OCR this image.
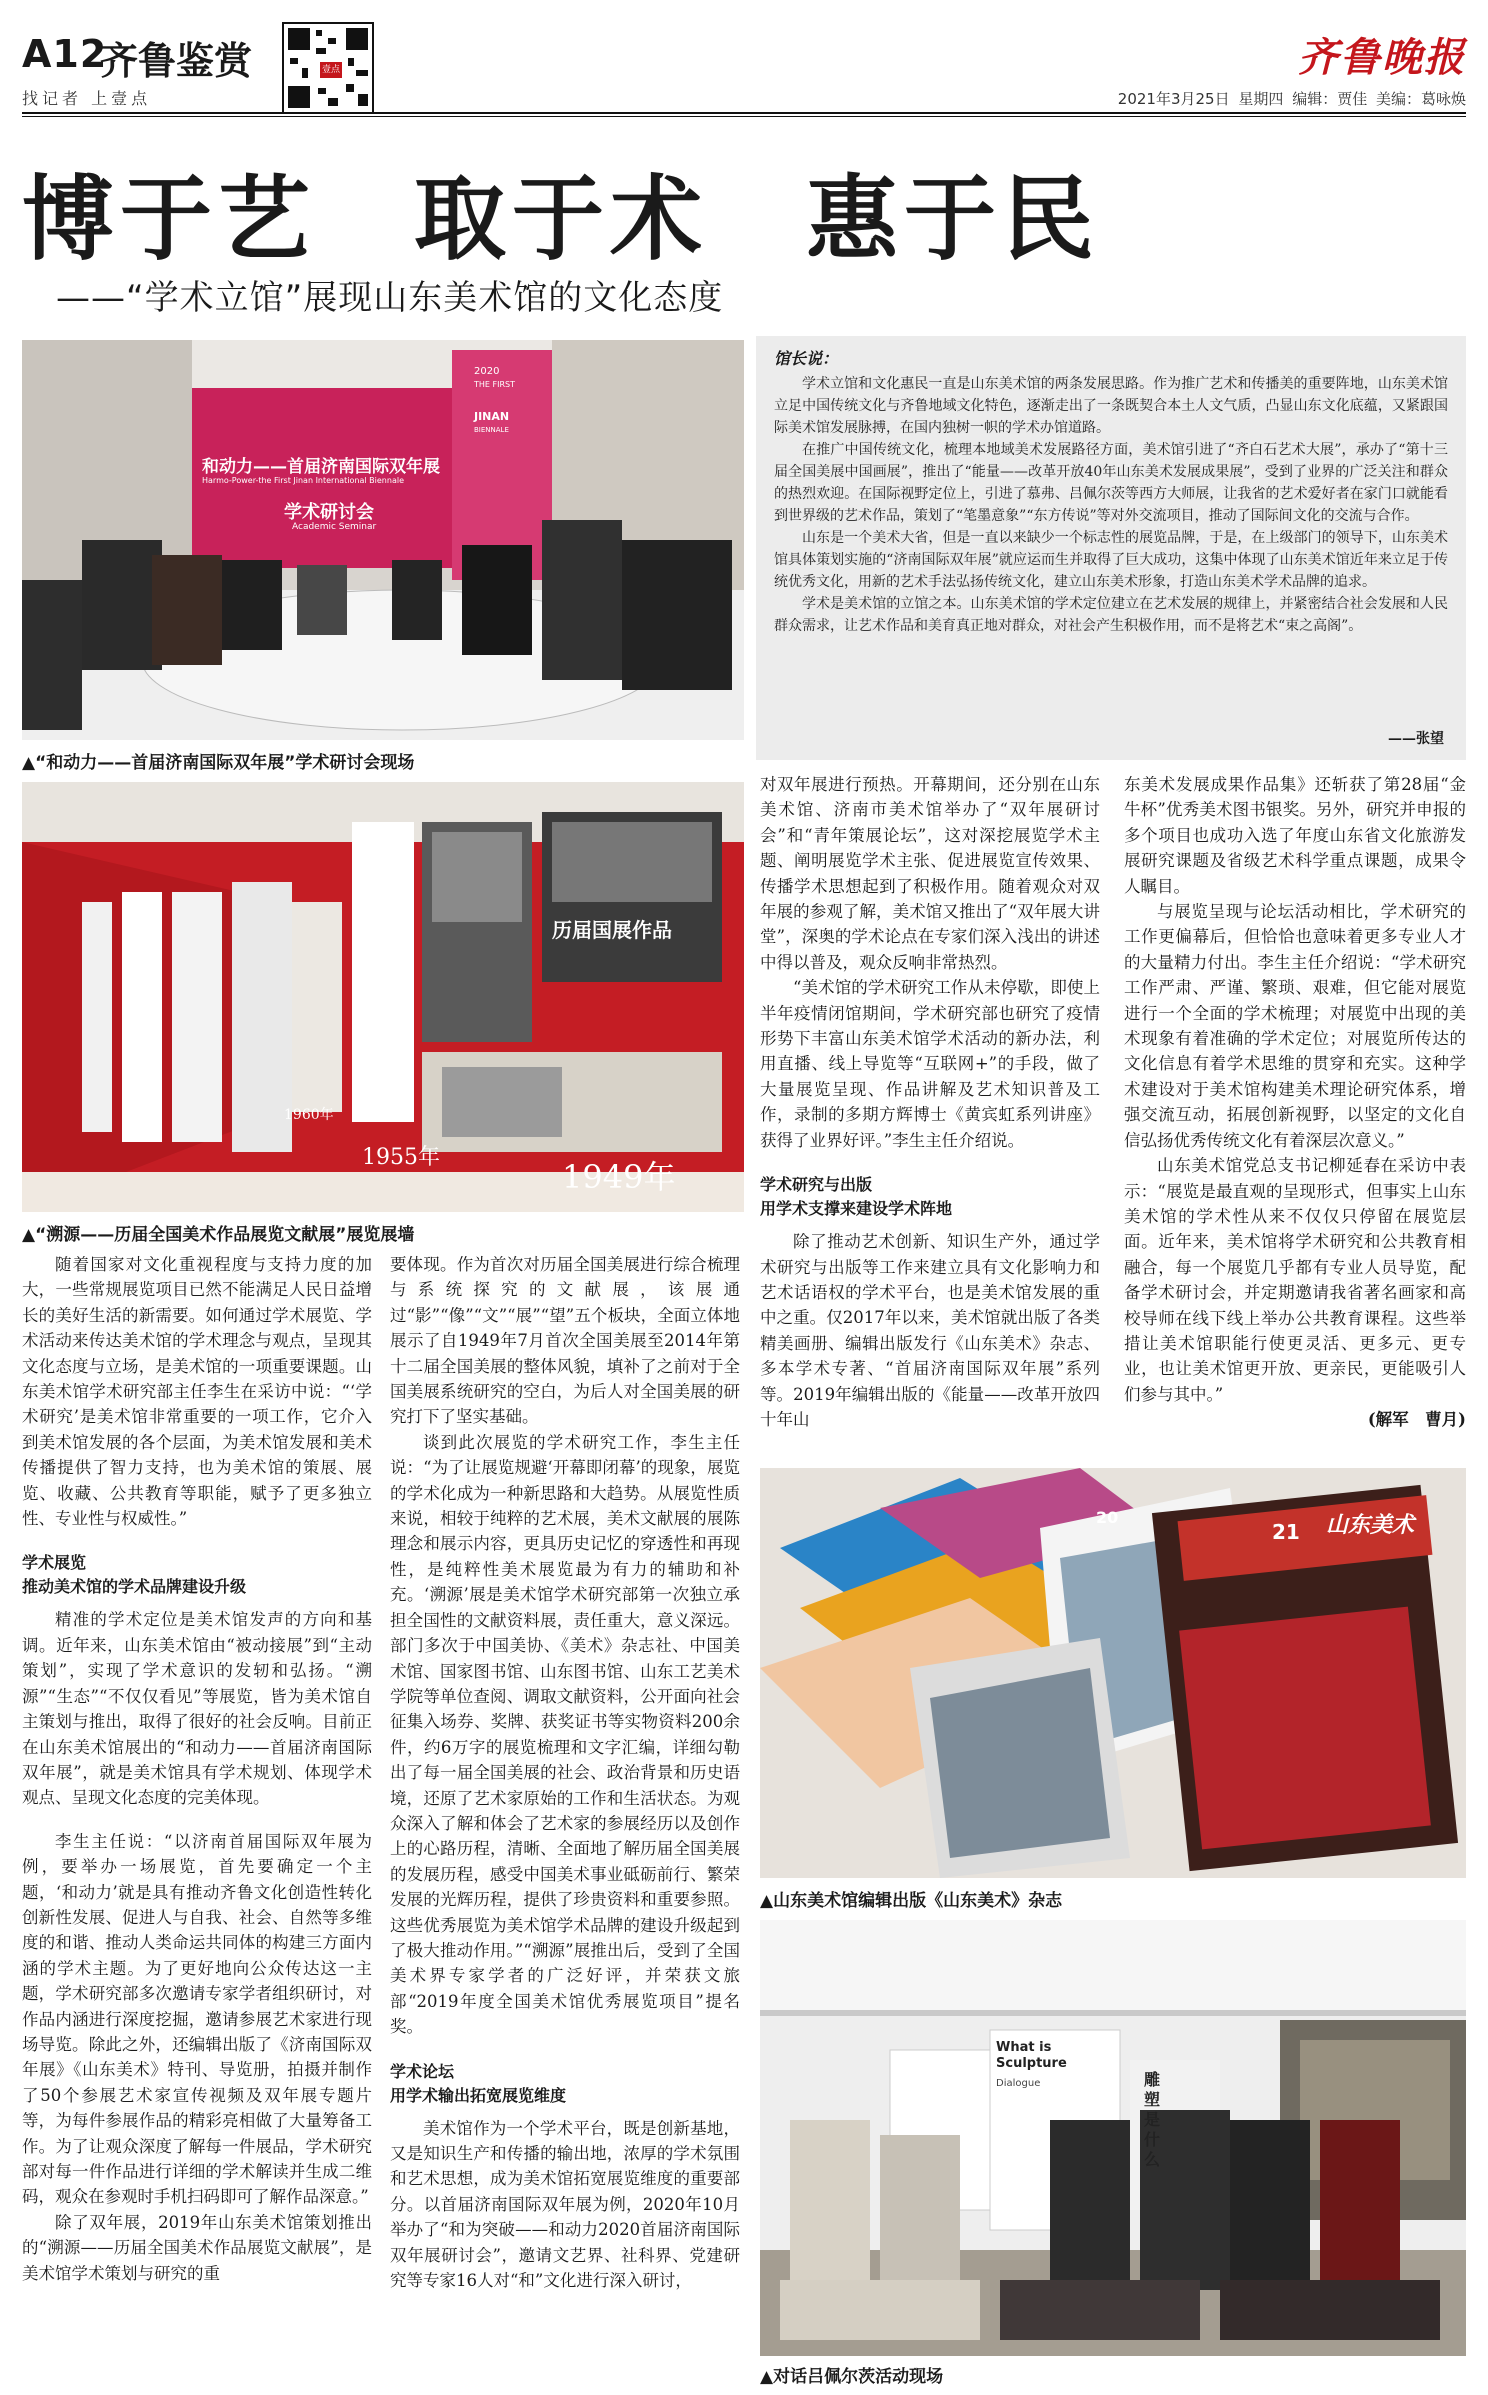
A12
齐鲁鉴赏
找记者 上壹点
壹点	齐鲁晚报
2021年3月25日 星期四 编辑：贾佳 美编：葛咏焕
博于艺　取于术　惠于民
——“学术立馆”展现山东美术馆的文化态度
和动力——首届济南国际双年展
Harmo-Power-the First Jinan International Biennale
学术研讨会
Academic Seminar
2020
THE FIRST
JINAN
BIENNALE
▲“和动力——首届济南国际双年展”学术研讨会现场
馆长说：

学术立馆和文化惠民一直是山东美术馆的两条发展思路。作为推广艺术和传播美的重要阵地，山东美术馆立足中国传统文化与齐鲁地域文化特色，逐渐走出了一条既契合本土人文气质，凸显山东文化底蕴，又紧跟国际美术馆发展脉搏，在国内独树一帜的学术办馆道路。

在推广中国传统文化，梳理本地域美术发展路径方面，美术馆引进了“齐白石艺术大展”，承办了“第十三届全国美展中国画展”，推出了“能量——改革开放40年山东美术发展成果展”，受到了业界的广泛关注和群众的热烈欢迎。在国际视野定位上，引进了慕弗、吕佩尔茨等西方大师展，让我省的艺术爱好者在家门口就能看到世界级的艺术作品，策划了“笔墨意象”“东方传说”等对外交流项目，推动了国际间文化的交流与合作。

山东是一个美术大省，但是一直以来缺少一个标志性的展览品牌，于是，在上级部门的领导下，山东美术馆具体策划实施的“济南国际双年展”就应运而生并取得了巨大成功，这集中体现了山东美术馆近年来立足于传统优秀文化，用新的艺术手法弘扬传统文化，建立山东美术形象，打造山东美术学术品牌的追求。

学术是美术馆的立馆之本。山东美术馆的学术定位建立在艺术发展的规律上，并紧密结合社会发展和人民群众需求，让艺术作品和美育真正地对群众，对社会产生积极作用，而不是将艺术“束之高阁”。

——张望
历届国展作品
1949年
1955年
1960年
▲“溯源——历届全国美术作品展览文献展”展览展墙

随着国家对文化重视程度与支持力度的加大，一些常规展览项目已然不能满足人民日益增长的美好生活的新需要。如何通过学术展览、学术活动来传达美术馆的学术理念与观点，呈现其文化态度与立场，是美术馆的一项重要课题。山东美术馆学术研究部主任李生在采访中说：“‘学术研究’是美术馆非常重要的一项工作，它介入到美术馆发展的各个层面，为美术馆发展和美术传播提供了智力支持，也为美术馆的策展、展览、收藏、公共教育等职能，赋予了更多独立性、专业性与权威性。”

学术展览
推动美术馆的学术品牌建设升级

精准的学术定位是美术馆发声的方向和基调。近年来，山东美术馆由“被动接展”到“主动策划”，实现了学术意识的发轫和弘扬。“溯源”“生态”“不仅仅看见”等展览，皆为美术馆自主策划与推出，取得了很好的社会反响。目前正在山东美术馆展出的“和动力——首届济南国际双年展”，就是美术馆具有学术规划、体现学术观点、呈现文化态度的完美体现。

李生主任说：“以济南首届国际双年展为例，要举办一场展览，首先要确定一个主题，‘和动力’就是具有推动齐鲁文化创造性转化创新性发展、促进人与自我、社会、自然等多维度的和谐、推动人类命运共同体的构建三方面内涵的学术主题。为了更好地向公众传达这一主题，学术研究部多次邀请专家学者组织研讨，对作品内涵进行深度挖掘，邀请参展艺术家进行现场导览。除此之外，还编辑出版了《济南国际双年展》《山东美术》特刊、导览册，拍摄并制作了50个参展艺术家宣传视频及双年展专题片等，为每件参展作品的精彩亮相做了大量筹备工作。为了让观众深度了解每一件展品，学术研究部对每一件作品进行详细的学术解读并生成二维码，观众在参观时手机扫码即可了解作品深意。”

除了双年展，2019年山东美术馆策划推出的“溯源——历届全国美术作品展览文献展”，是美术馆学术策划与研究的重

要体现。作为首次对历届全国美展进行综合梳理与系统探究的文献展，该展通过“影”“像”“文”“展”“望”五个板块，全面立体地展示了自1949年7月首次全国美展至2014年第十二届全国美展的整体风貌，填补了之前对于全国美展系统研究的空白，为后人对全国美展的研究打下了坚实基础。

谈到此次展览的学术研究工作，李生主任说：“为了让展览规避‘开幕即闭幕’的现象，展览的学术化成为一种新思路和大趋势。从展览性质来说，相较于纯粹的艺术展，美术文献展的展陈理念和展示内容，更具历史记忆的穿透性和再现性，是纯粹性美术展览最为有力的辅助和补充。‘溯源’展是美术馆学术研究部第一次独立承担全国性的文献资料展，责任重大，意义深远。部门多次于中国美协、《美术》杂志社、中国美术馆、国家图书馆、山东图书馆、山东工艺美术学院等单位查阅、调取文献资料，公开面向社会征集入场券、奖牌、获奖证书等实物资料200余件，约6万字的展览梳理和文字汇编，详细勾勒出了每一届全国美展的社会、政治背景和历史语境，还原了艺术家原始的工作和生活状态。为观众深入了解和体会了艺术家的参展经历以及创作上的心路历程，清晰、全面地了解历届全国美展的发展历程，感受中国美术事业砥砺前行、繁荣发展的光辉历程，提供了珍贵资料和重要参照。这些优秀展览为美术馆学术品牌的建设升级起到了极大推动作用。”“溯源”展推出后，受到了全国美术界专家学者的广泛好评，并荣获文旅部“2019年度全国美术馆优秀展览项目”提名奖。

学术论坛
用学术输出拓宽展览维度

美术馆作为一个学术平台，既是创新基地，又是知识生产和传播的输出地，浓厚的学术氛围和艺术思想，成为美术馆拓宽展览维度的重要部分。以首届济南国际双年展为例，2020年10月举办了“和为突破——和动力2020首届济南国际双年展研讨会”，邀请文艺界、社科界、党建研究等专家16人对“和”文化进行深入研讨，

对双年展进行预热。开幕期间，还分别在山东美术馆、济南市美术馆举办了“双年展研讨会”和“青年策展论坛”，这对深挖展览学术主题、阐明展览学术主张、促进展览宣传效果、传播学术思想起到了积极作用。随着观众对双年展的参观了解，美术馆又推出了“双年展大讲堂”，深奥的学术论点在专家们深入浅出的讲述中得以普及，观众反响非常热烈。

“美术馆的学术研究工作从未停歇，即使上半年疫情闭馆期间，学术研究部也研究了疫情形势下丰富山东美术馆学术活动的新办法，利用直播、线上导览等“互联网+”的手段，做了大量展览呈现、作品讲解及艺术知识普及工作，录制的多期方辉博士《黄宾虹系列讲座》获得了业界好评。”李生主任介绍说。

学术研究与出版
用学术支撑来建设学术阵地

除了推动艺术创新、知识生产外，通过学术研究与出版等工作来建立具有文化影响力和艺术话语权的学术平台，也是美术馆发展的重中之重。仅2017年以来，美术馆就出版了各类精美画册、编辑出版发行《山东美术》杂志、多本学术专著、“首届济南国际双年展”系列等。2019年编辑出版的《能量——改革开放四十年山

东美术发展成果作品集》还斩获了第28届“金牛杯”优秀美术图书银奖。另外，研究并申报的多个项目也成功入选了年度山东省文化旅游发展研究课题及省级艺术科学重点课题，成果令人瞩目。

与展览呈现与论坛活动相比，学术研究的工作更偏幕后，但恰恰也意味着更多专业人才的大量精力付出。李生主任介绍说：“学术研究工作严肃、严谨、繁琐、艰难，但它能对展览进行一个全面的学术梳理；对展览中出现的美术现象有着准确的学术定位；对展览所传达的文化信息有着学术思维的贯穿和充实。这种学术建设对于美术馆构建美术理论研究体系，增强交流互动，拓展创新视野，以坚定的文化自信弘扬优秀传统文化有着深层次意义。”

山东美术馆党总支书记柳延春在采访中表示：“展览是最直观的呈现形式，但事实上山东美术馆的学术性从来不仅仅只停留在展览层面。近年来，美术馆将学术研究和公共教育相融合，每一个展览几乎都有专业人员导览，配备学术研讨会，并定期邀请我省著名画家和高校导师在线下线上举办公共教育课程。这些举措让美术馆职能行使更灵活、更多元、更专业，也让美术馆更开放、更亲民，更能吸引人们参与其中。”

(解军　曹月)

山东美术
21
20
▲山东美术馆编辑出版《山东美术》杂志
What is Sculpture
Dialogue	雕塑是什么
▲对话吕佩尔茨活动现场
